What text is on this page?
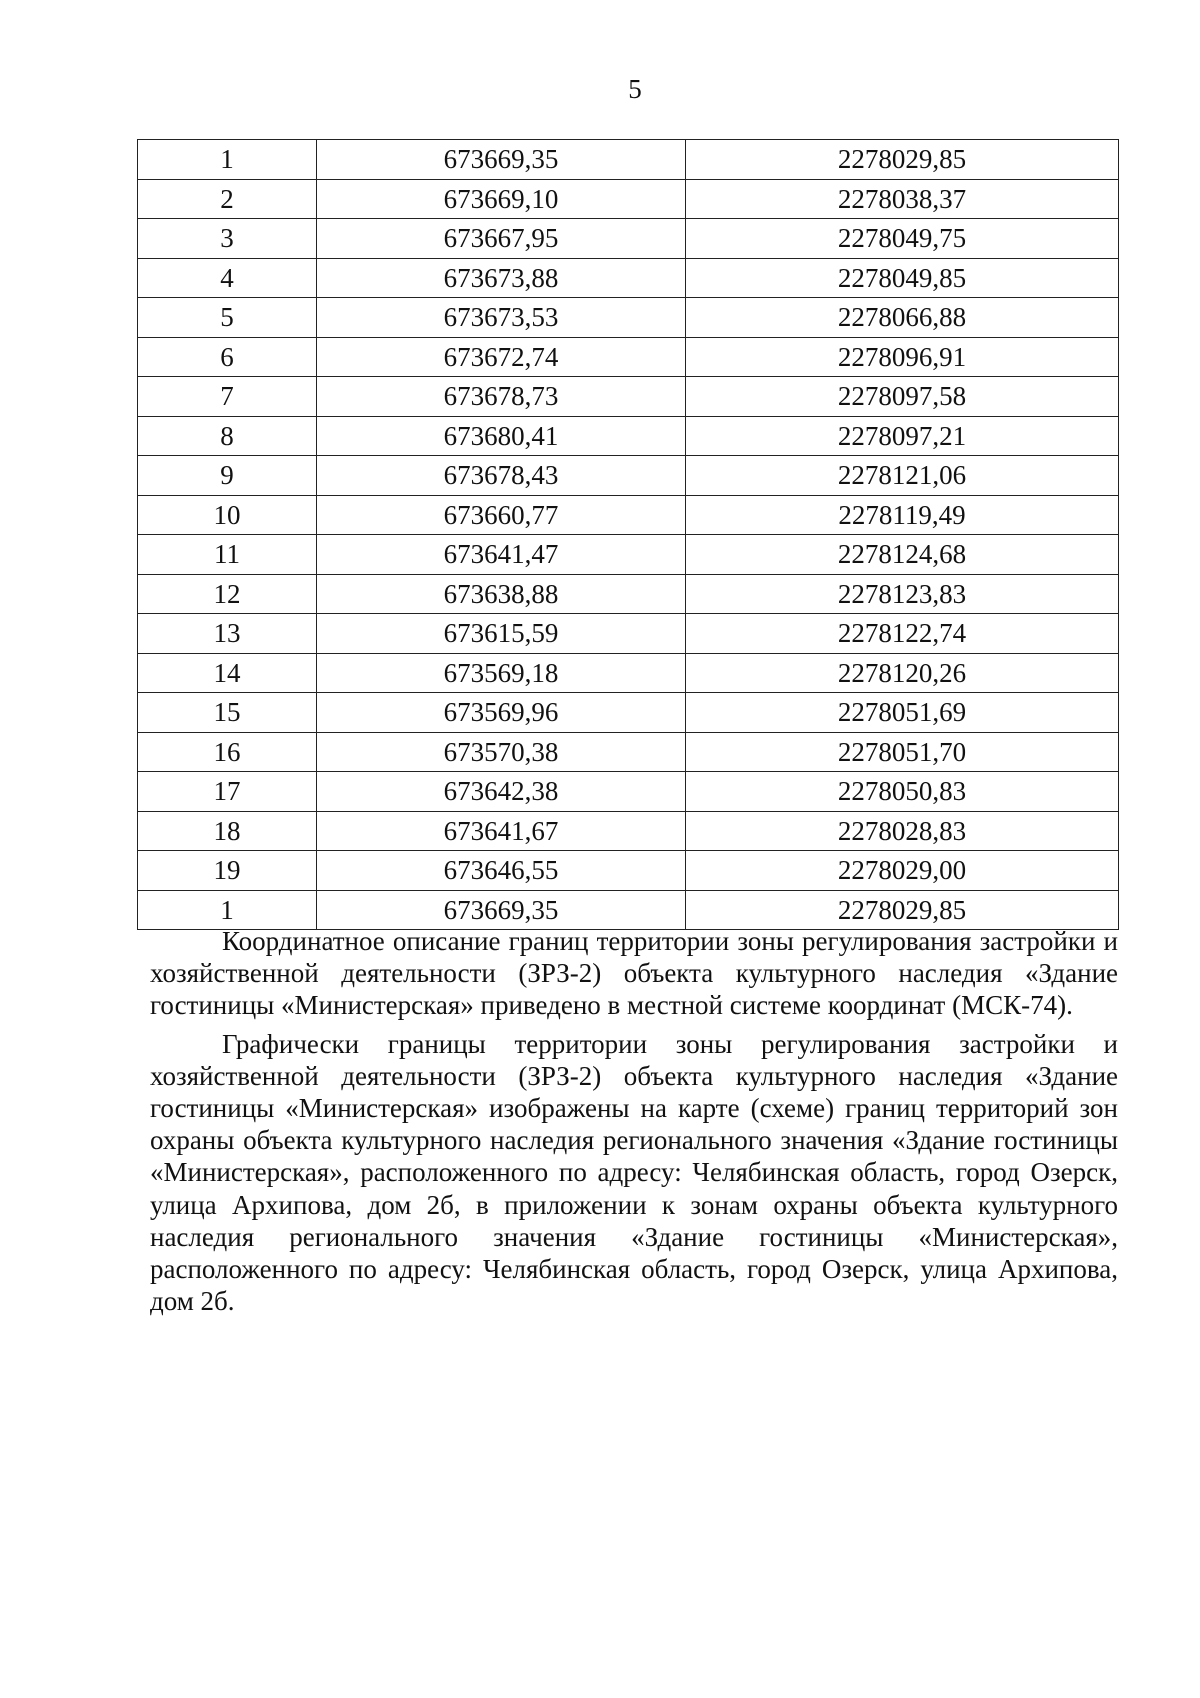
5
1	673669,35	2278029,85
2	673669,10	2278038,37
3	673667,95	2278049,75
4	673673,88	2278049,85
5	673673,53	2278066,88
6	673672,74	2278096,91
7	673678,73	2278097,58
8	673680,41	2278097,21
9	673678,43	2278121,06
10	673660,77	2278119,49
11	673641,47	2278124,68
12	673638,88	2278123,83
13	673615,59	2278122,74
14	673569,18	2278120,26
15	673569,96	2278051,69
16	673570,38	2278051,70
17	673642,38	2278050,83
18	673641,67	2278028,83
19	673646,55	2278029,00
1	673669,35	2278029,85

Координатное описание границ территории зоны регулирования застройки и хозяйственной деятельности (ЗРЗ-2) объекта культурного наследия «Здание гостиницы «Министерская» приведено в местной системе координат (МСК-74).

Графически границы территории зоны регулирования застройки и хозяйственной деятельности (ЗРЗ-2) объекта культурного наследия «Здание гостиницы «Министерская» изображены на карте (схеме) границ территорий зон охраны объекта культурного наследия регионального значения «Здание гостиницы «Министерская», расположенного по адресу: Челябинская область, город Озерск, улица Архипова, дом 2б, в приложении к зонам охраны объекта культурного наследия регионального значения «Здание гостиницы «Министерская», расположенного по адресу: Челябинская область, город Озерск, улица Архипова, дом 2б.
